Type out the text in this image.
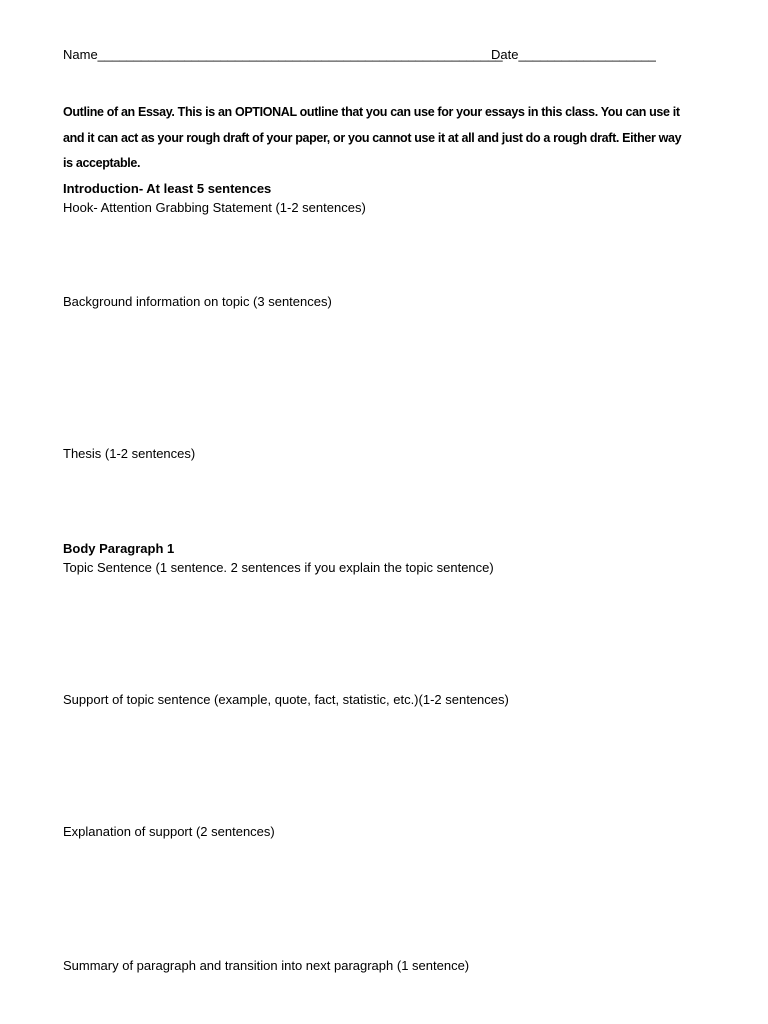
Name________________________________________________________
Date___________________
Outline of an Essay. This is an OPTIONAL outline that you can use for your essays in this class. You can use it
and it can act as your rough draft of your paper, or you cannot use it at all and just do a rough draft. Either way
is acceptable.
Introduction- At least 5 sentences
Hook- Attention Grabbing Statement (1-2 sentences)
Background information on topic (3 sentences)
Thesis (1-2 sentences)
Body Paragraph 1
Topic Sentence (1 sentence. 2 sentences if you explain the topic sentence)
Support of topic sentence (example, quote, fact, statistic, etc.)(1-2 sentences)
Explanation of support (2 sentences)
Summary of paragraph and transition into next paragraph (1 sentence)
